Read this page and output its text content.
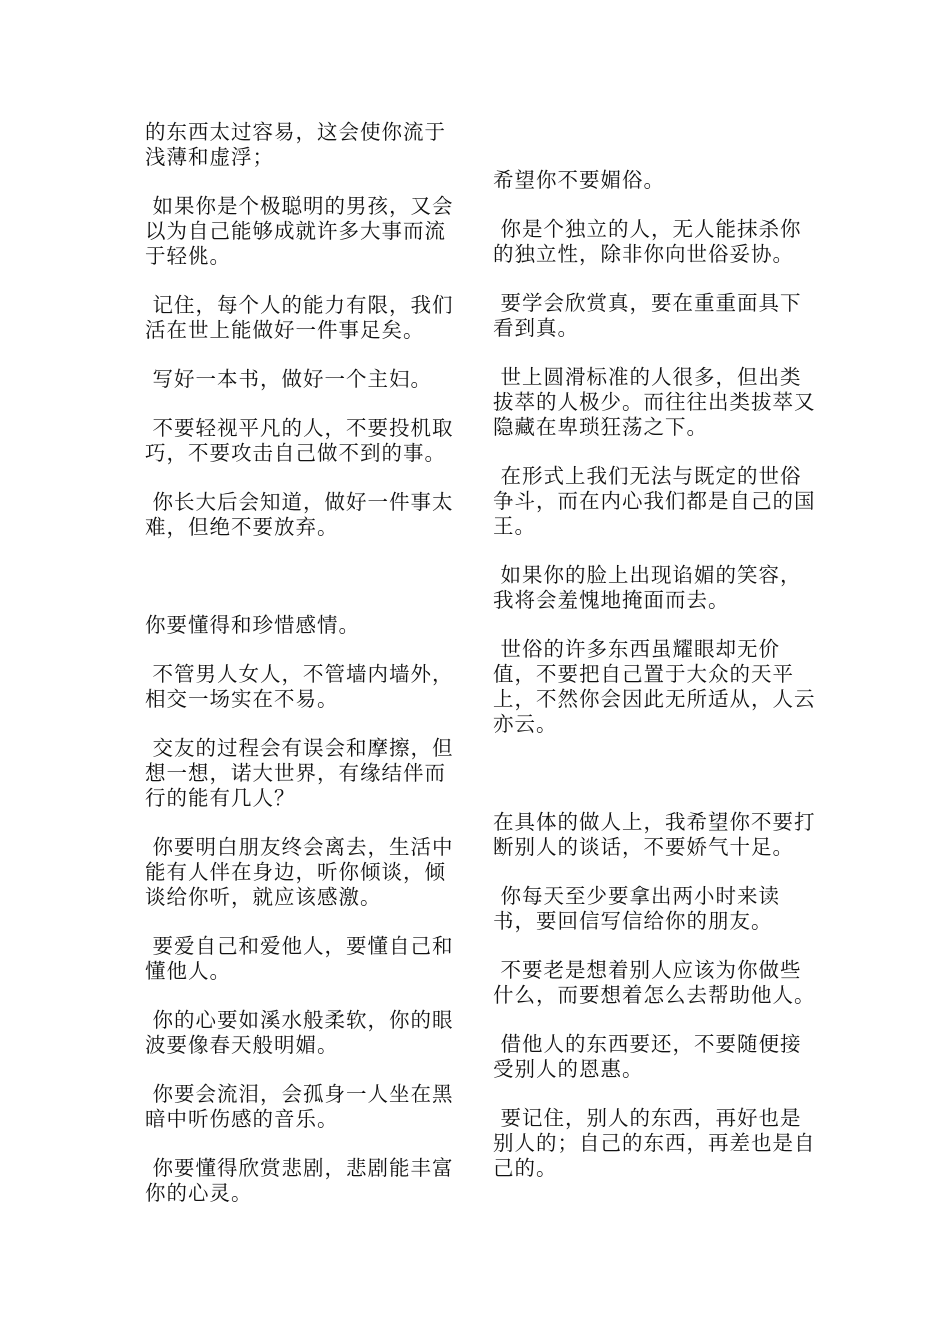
的东西太过容易，这会使你流于浅薄和虚浮；

如果你是个极聪明的男孩，又会以为自己能够成就许多大事而流于轻佻。

记住，每个人的能力有限，我们活在世上能做好一件事足矣。

写好一本书，做好一个主妇。

不要轻视平凡的人，不要投机取巧，不要攻击自己做不到的事。

你长大后会知道，做好一件事太难，但绝不要放弃。

你要懂得和珍惜感情。

不管男人女人，不管墙内墙外，相交一场实在不易。

交友的过程会有误会和摩擦，但想一想，诺大世界，有缘结伴而行的能有几人？

你要明白朋友终会离去，生活中能有人伴在身边，听你倾谈，倾谈给你听，就应该感激。

要爱自己和爱他人，要懂自己和懂他人。

你的心要如溪水般柔软，你的眼波要像春天般明媚。

你要会流泪，会孤身一人坐在黑暗中听伤感的音乐。

你要懂得欣赏悲剧，悲剧能丰富你的心灵。

希望你不要媚俗。

你是个独立的人，无人能抹杀你的独立性，除非你向世俗妥协。

要学会欣赏真，要在重重面具下看到真。

世上圆滑标准的人很多，但出类拔萃的人极少。而往往出类拔萃又隐藏在卑琐狂荡之下。

在形式上我们无法与既定的世俗争斗，而在内心我们都是自己的国王。

如果你的脸上出现谄媚的笑容，我将会羞愧地掩面而去。

世俗的许多东西虽耀眼却无价值，不要把自己置于大众的天平上，不然你会因此无所适从，人云亦云。

在具体的做人上，我希望你不要打断别人的谈话，不要娇气十足。

你每天至少要拿出两小时来读书，要回信写信给你的朋友。

不要老是想着别人应该为你做些什么，而要想着怎么去帮助他人。

借他人的东西要还，不要随便接受别人的恩惠。

要记住，别人的东西，再好也是别人的；自己的东西，再差也是自己的。
